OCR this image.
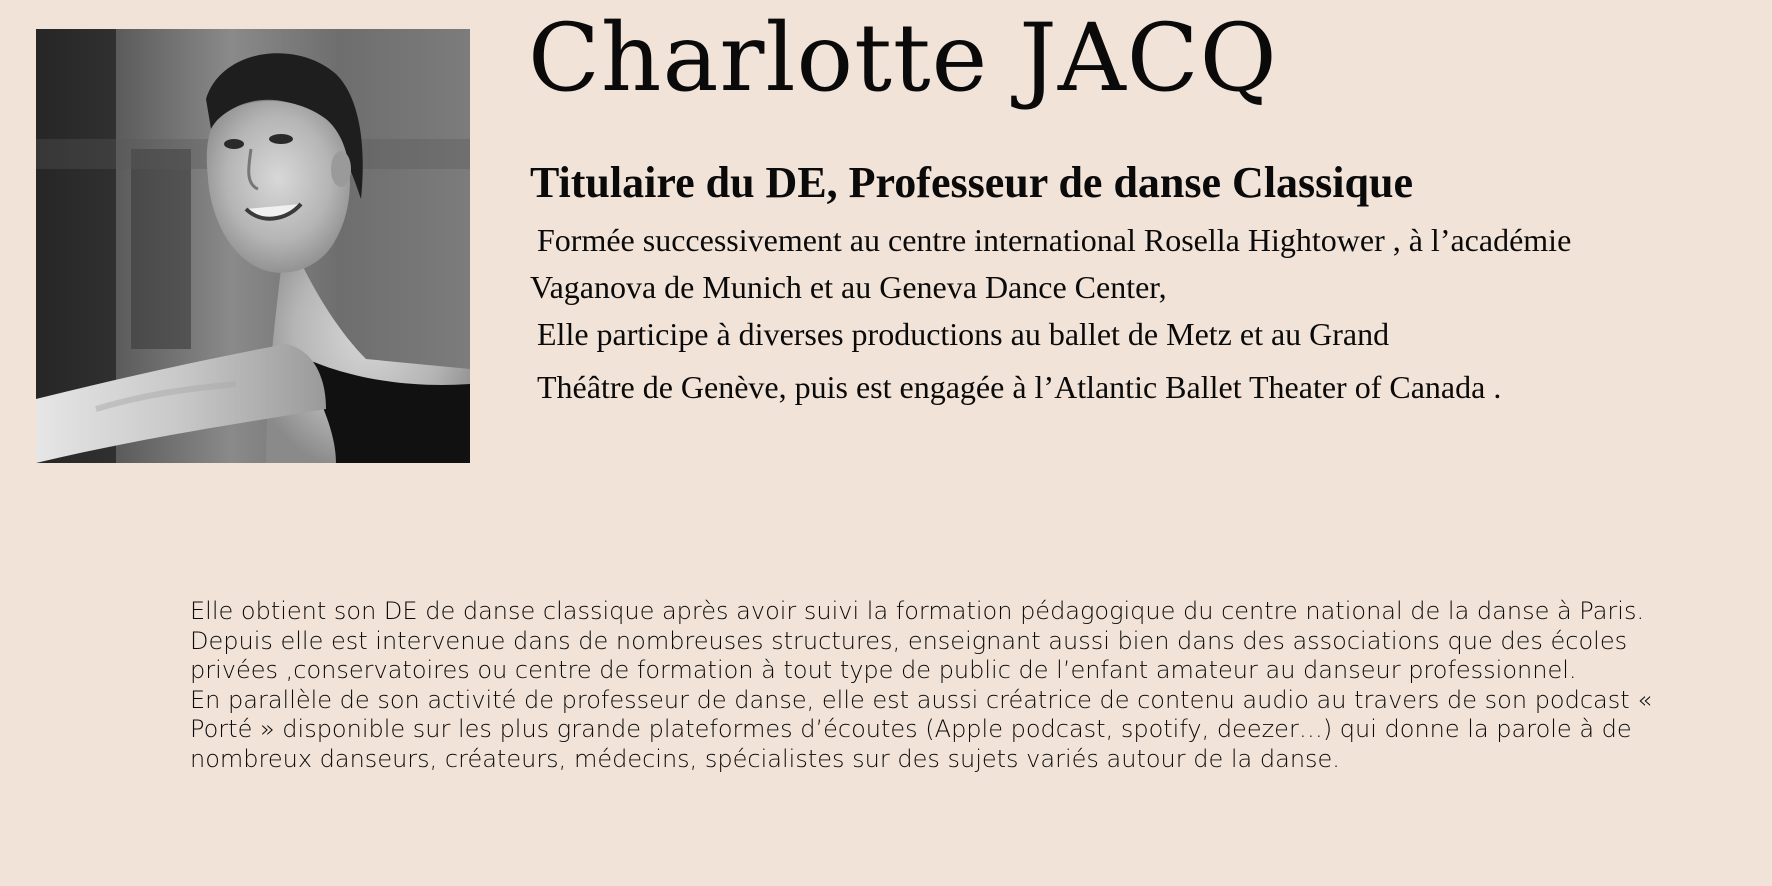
Charlotte JACQ
Titulaire du DE, Professeur de danse Classique

Formée successivement au centre international Rosella Hightower , à l’académie

Vaganova de Munich et au Geneva Dance Center,

Elle participe à diverses productions au ballet de Metz et au Grand

Théâtre de Genève, puis est engagée à l’Atlantic Ballet Theater of Canada .

Elle obtient son DE de danse classique après avoir suivi la formation pédagogique du centre national de la danse à Paris.
Depuis elle est intervenue dans de nombreuses structures, enseignant aussi bien dans des associations que des écoles
privées ,conservatoires ou centre de formation à tout type de public de l’enfant amateur au danseur professionnel.
En parallèle de son activité de professeur de danse, elle est aussi créatrice de contenu audio au travers de son podcast «
Porté » disponible sur les plus grande plateformes d’écoutes (Apple podcast, spotify, deezer…) qui donne la parole à de
nombreux danseurs, créateurs, médecins, spécialistes sur des sujets variés autour de la danse.
